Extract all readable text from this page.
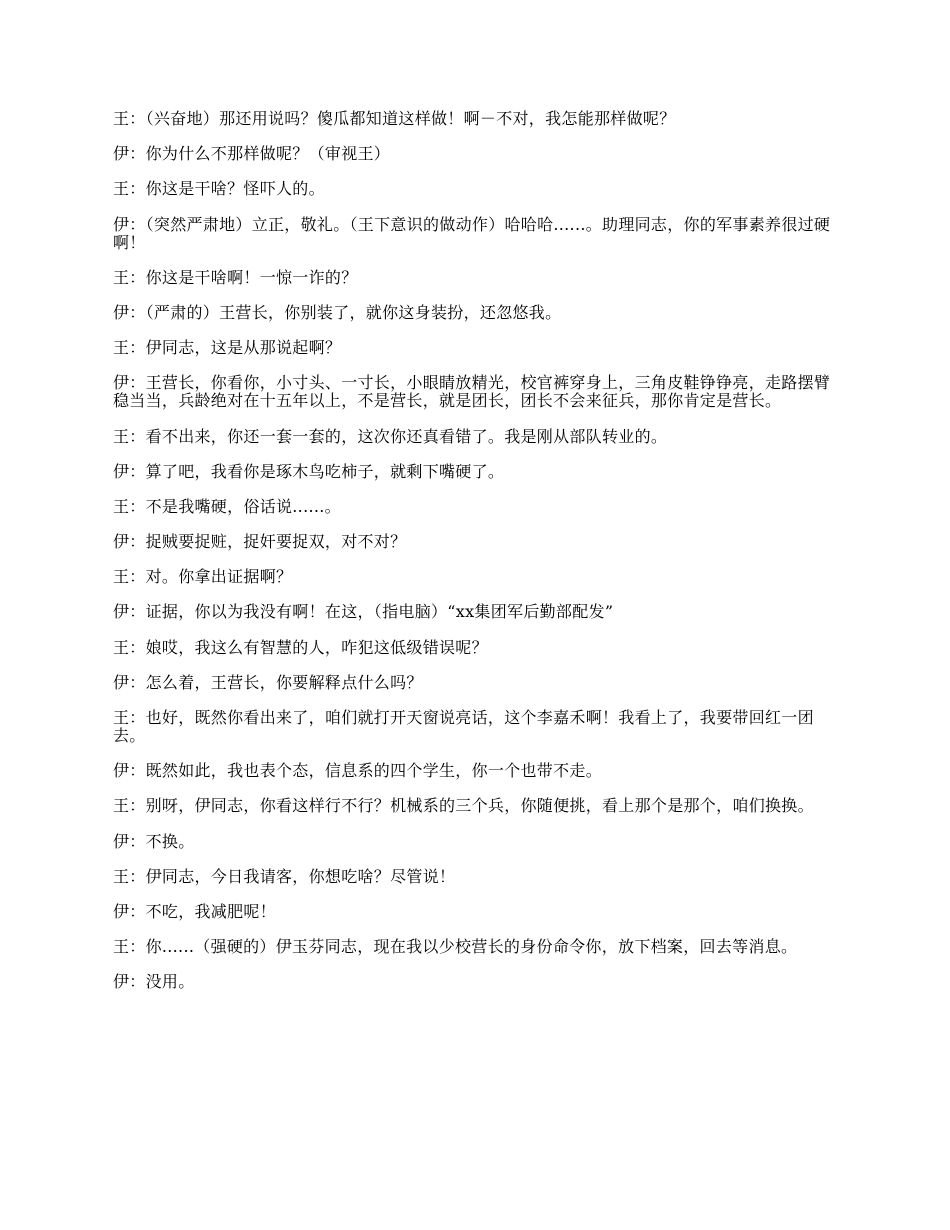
王：（兴奋地）那还用说吗？傻瓜都知道这样做！啊－不对，我怎能那样做呢？

伊：你为什么不那样做呢？（审视王）

王：你这是干啥？怪吓人的。

伊：（突然严肃地）立正，敬礼。（王下意识的做动作）哈哈哈......。助理同志，你的军事素养很过硬啊！

王：你这是干啥啊！一惊一诈的？

伊：（严肃的）王营长，你别装了，就你这身装扮，还忽悠我。

王：伊同志，这是从那说起啊？

伊：王营长，你看你，小寸头、一寸长，小眼睛放精光，校官裤穿身上，三角皮鞋铮铮亮，走路摆臂稳当当，兵龄绝对在十五年以上，不是营长，就是团长，团长不会来征兵，那你肯定是营长。

王：看不出来，你还一套一套的，这次你还真看错了。我是刚从部队转业的。

伊：算了吧，我看你是琢木鸟吃柿子，就剩下嘴硬了。

王：不是我嘴硬，俗话说......。

伊：捉贼要捉赃，捉奸要捉双，对不对？

王：对。你拿出证据啊？

伊：证据，你以为我没有啊！在这，（指电脑）“xx集团军后勤部配发”

王：娘哎，我这么有智慧的人，咋犯这低级错误呢？

伊：怎么着，王营长，你要解释点什么吗？

王：也好，既然你看出来了，咱们就打开天窗说亮话，这个李嘉禾啊！我看上了，我要带回红一团去。

伊：既然如此，我也表个态，信息系的四个学生，你一个也带不走。

王：别呀，伊同志，你看这样行不行？机械系的三个兵，你随便挑，看上那个是那个，咱们换换。

伊：不换。

王：伊同志，今日我请客，你想吃啥？尽管说！

伊：不吃，我减肥呢！

王：你......（强硬的）伊玉芬同志，现在我以少校营长的身份命令你，放下档案，回去等消息。

伊：没用。
